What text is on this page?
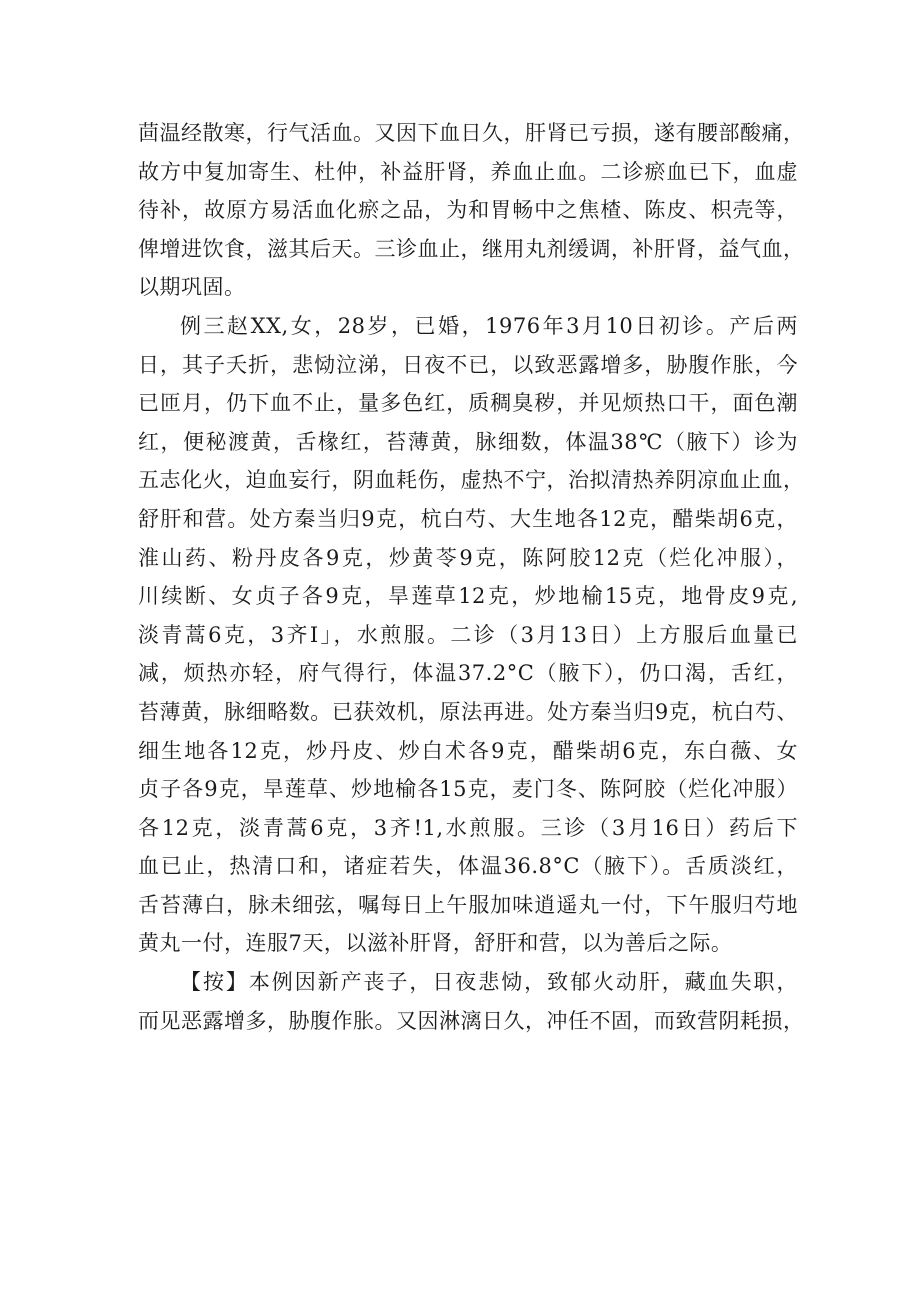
茴温经散寒，行气活血。又因下血日久，肝肾已亏损，遂有腰部酸痛，
故方中复加寄生、杜仲，补益肝肾，养血止血。二诊瘀血已下，血虚
待补，故原方易活血化瘀之品，为和胃畅中之焦楂、陈皮、枳壳等，
俾增进饮食，滋其后天。三诊血止，继用丸剂缓调，补肝肾，益气血，
以期巩固。
例三赵XX,女，28岁，已婚，1976年3月10日初诊。产后两
日，其子夭折，悲恸泣涕，日夜不已，以致恶露增多，胁腹作胀，今
已匝月，仍下血不止，量多色红，质稠臭秽，并见烦热口干，面色潮
红，便秘渡黄，舌椽红，苔薄黄，脉细数，体温38℃（腋下）诊为
五志化火，迫血妄行，阴血耗伤，虚热不宁，治拟清热养阴凉血止血，
舒肝和营。处方秦当归9克，杭白芍、大生地各12克，醋柴胡6克，
淮山药、粉丹皮各9克，炒黄苓9克，陈阿胶12克（烂化冲服），
川续断、女贞子各9克，旱莲草12克，炒地榆15克，地骨皮9克,
淡青蒿6克，3齐I」，水煎服。二诊（3月13日）上方服后血量已
减，烦热亦轻，府气得行，体温37.2°C（腋下），仍口渴，舌红，
苔薄黄，脉细略数。已获效机，原法再进。处方秦当归9克，杭白芍、
细生地各12克，炒丹皮、炒白术各9克，醋柴胡6克，东白薇、女
贞子各9克，旱莲草、炒地榆各15克，麦门冬、陈阿胶（烂化冲服）
各12克，淡青蒿6克，3齐!1,水煎服。三诊（3月16日）药后下
血已止，热清口和，诸症若失，体温36.8°C（腋下）。舌质淡红，
舌苔薄白，脉未细弦，嘱每日上午服加味逍遥丸一付，下午服归芍地
黄丸一付，连服7天，以滋补肝肾，舒肝和营，以为善后之际。
【按】本例因新产丧子，日夜悲恸，致郁火动肝，藏血失职，
而见恶露增多，胁腹作胀。又因淋漓日久，冲任不固，而致营阴耗损，
